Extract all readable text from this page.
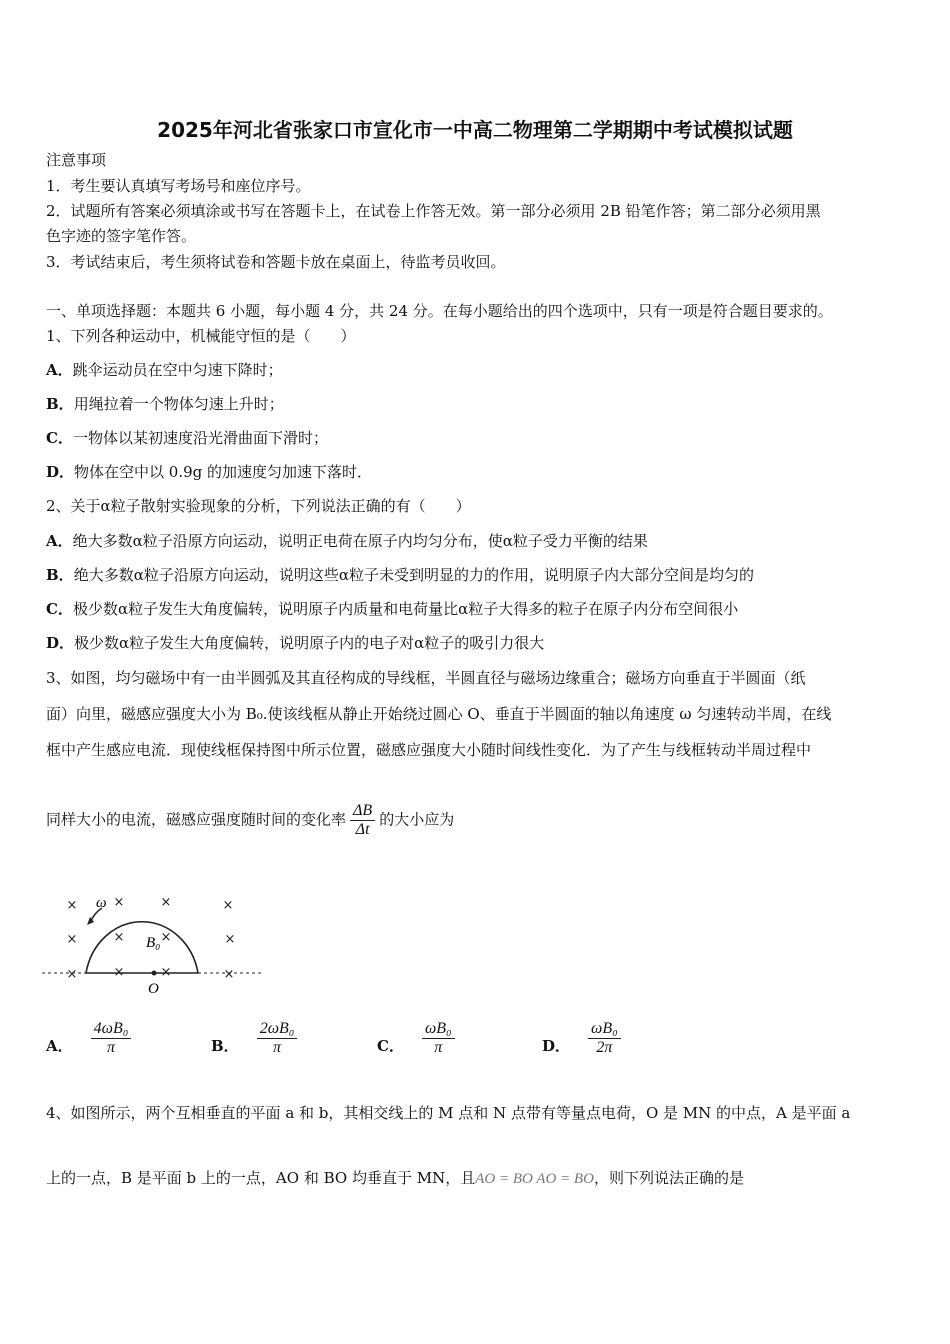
2025年河北省张家口市宣化市一中高二物理第二学期期中考试模拟试题
注意事项
1．考生要认真填写考场号和座位序号。
2．试题所有答案必须填涂或书写在答题卡上，在试卷上作答无效。第一部分必须用 2B 铅笔作答；第二部分必须用黑
色字迹的签字笔作答。
3．考试结束后，考生须将试卷和答题卡放在桌面上，待监考员收回。
一、单项选择题：本题共 6 小题，每小题 4 分，共 24 分。在每小题给出的四个选项中，只有一项是符合题目要求的。
1、下列各种运动中，机械能守恒的是（　　）
A．跳伞运动员在空中匀速下降时；
B．用绳拉着一个物体匀速上升时；
C．一物体以某初速度沿光滑曲面下滑时；
D．物体在空中以 0.9g 的加速度匀加速下落时．
2、关于α粒子散射实验现象的分析，下列说法正确的有（　　）
A．绝大多数α粒子沿原方向运动，说明正电荷在原子内均匀分布，使α粒子受力平衡的结果
B．绝大多数α粒子沿原方向运动，说明这些α粒子未受到明显的力的作用，说明原子内大部分空间是均匀的
C．极少数α粒子发生大角度偏转，说明原子内质量和电荷量比α粒子大得多的粒子在原子内分布空间很小
D．极少数α粒子发生大角度偏转，说明原子内的电子对α粒子的吸引力很大
3、如图，均匀磁场中有一由半圆弧及其直径构成的导线框，半圆直径与磁场边缘重合；磁场方向垂直于半圆面（纸
面）向里，磁感应强度大小为 B₀.使该线框从静止开始绕过圆心 O、垂直于半圆面的轴以角速度 ω 匀速转动半周，在线
框中产生感应电流．现使线框保持图中所示位置，磁感应强度大小随时间线性变化．为了产生与线框转动半周过程中
同样大小的电流，磁感应强度随时间的变化率 $\frac{\Delta B}{\Delta t}$ 的大小应为
×	×	×	×
×	×	×	×
×	×	×	×
ω
B₀
O
A． $\frac{\text{4ωB₀}}{\pi}$	B． $\frac{\text{2ωB₀}}{\pi}$	C． $\frac{\text{ωB₀}}{\pi}$	D． $\frac{\text{ωB₀}}{2\pi}$
4、如图所示，两个互相垂直的平面 a 和 b，其相交线上的 M 点和 N 点带有等量点电荷，O 是 MN 的中点，A 是平面 a
上的一点，B 是平面 b 上的一点，AO 和 BO 均垂直于 MN，且AO = BO AO = BO，则下列说法正确的是
